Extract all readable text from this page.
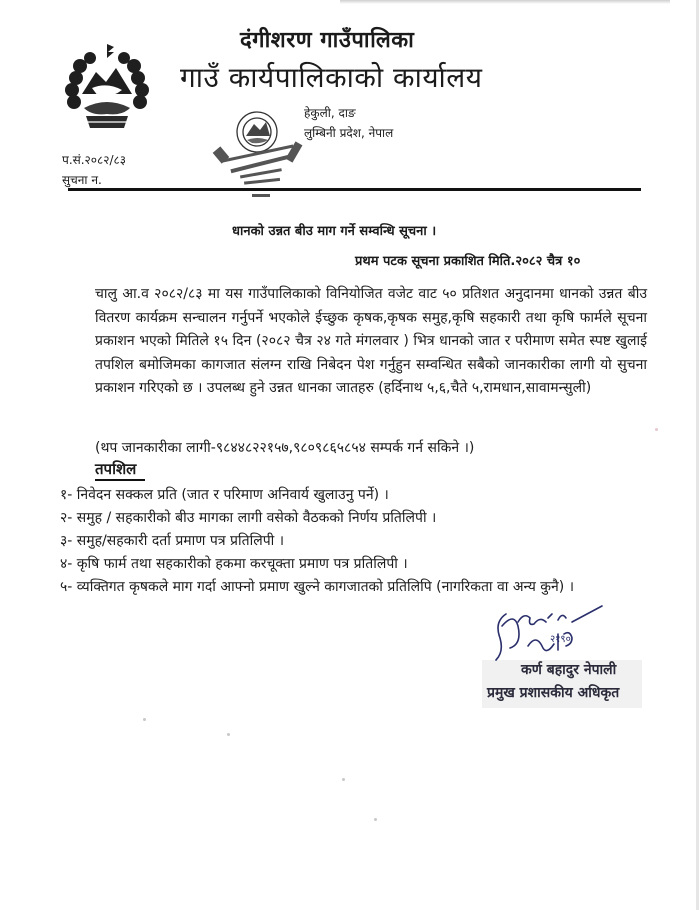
दंगीशरण गाउँपालिका
गाउँ कार्यपालिकाको कार्यालय
हेकुली, दाङ
लुम्बिनी प्रदेश, नेपाल
प.सं.२०८२/८३
सुचना न.
धानको उन्नत बीउ माग गर्ने सम्वन्धि सूचना ।
प्रथम पटक सूचना प्रकाशित मिति.२०८२ चैत्र १०
चालु आ.व २०८२/८३ मा यस गाउँपालिकाको विनियोजित वजेट वाट ५० प्रतिशत अनुदानमा धानको उन्नत बीउ वितरण कार्यक्रम सन्चालन गर्नुपर्ने भएकोले ईच्छुक कृषक,कृषक समुह,कृषि सहकारी तथा कृषि फार्मले सूचना प्रकाशन भएको मितिले १५ दिन (२०८२ चैत्र २४ गते मंगलवार ) भित्र धानको जात र परीमाण समेत स्पष्ट खुलाई तपशिल बमोजिमका कागजात संलग्न राखि निबेदन पेश गर्नुहुन सम्वन्धित सबैको जानकारीका लागी यो सुचना प्रकाशन गरिएको छ । उपलब्ध हुने उन्नत धानका जातहरु (हर्दिनाथ ५,६,चैते ५,रामधान,सावामन्सुली)
(थप जानकारीका लागी-९८४४८२२१५७,९८०९८६५८५४ सम्पर्क गर्न सकिने ।)
तपशिल
१- निवेदन सक्कल प्रति (जात र परिमाण अनिवार्य खुलाउनु पर्ने) ।
२- समुह / सहकारीको बीउ मागका लागी वसेको वैठकको निर्णय प्रतिलिपी ।
३- समुह/सहकारी दर्ता प्रमाण पत्र प्रतिलिपी ।
४- कृषि फार्म तथा सहकारीको हकमा करचूक्ता प्रमाण पत्र प्रतिलिपी ।
५- व्यक्तिगत कृषकले माग गर्दा आफ्नो प्रमाण खुल्ने कागजातको प्रतिलिपि (नागरिकता वा अन्य कुनै) ।
२१९०
कर्ण बहादुर नेपाली
प्रमुख प्रशासकीय अधिकृत
